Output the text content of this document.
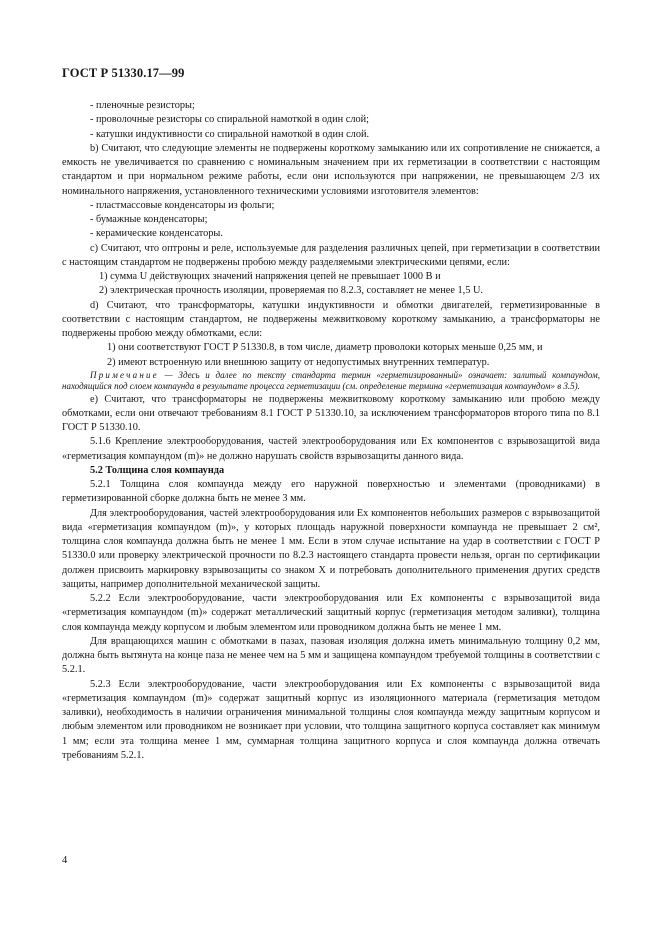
ГОСТ Р 51330.17—99

- пленочные резисторы;

- проволочные резисторы со спиральной намоткой в один слой;

- катушки индуктивности со спиральной намоткой в один слой.

b) Считают, что следующие элементы не подвержены короткому замыканию или их сопротивление не снижается, а емкость не увеличивается по сравнению с номинальным значением при их герметизации в соответствии с настоящим стандартом и при нормальном режиме работы, если они используются при напряжении, не превышающем 2/3 их номинального напряжения, установленного техническими условиями изготовителя элементов:

- пластмассовые конденсаторы из фольги;

- бумажные конденсаторы;

- керамические конденсаторы.

c) Считают, что оптроны и реле, используемые для разделения различных цепей, при герметизации в соответствии с настоящим стандартом не подвержены пробою между разделяемыми электрическими цепями, если:

1) сумма U действующих значений напряжения цепей не превышает 1000 В и

2) электрическая прочность изоляции, проверяемая по 8.2.3, составляет не менее 1,5 U.

d) Считают, что трансформаторы, катушки индуктивности и обмотки двигателей, герметизированные в соответствии с настоящим стандартом, не подвержены межвитковому короткому замыканию, а трансформаторы не подвержены пробою между обмотками, если:

1) они соответствуют ГОСТ Р 51330.8, в том числе, диаметр проволоки которых меньше 0,25 мм, и

2) имеют встроенную или внешнюю защиту от недопустимых внутренних температур.

Примечание — Здесь и далее по тексту стандарта термин «герметизированный» означает: залитый компаундом, находящийся под слоем компаунда в результате процесса герметизации (см. определение термина «герметизация компаундом» в 3.5).

e) Считают, что трансформаторы не подвержены межвитковому короткому замыканию или пробою между обмотками, если они отвечают требованиям 8.1 ГОСТ Р 51330.10, за исключением трансформаторов второго типа по 8.1 ГОСТ Р 51330.10.

5.1.6 Крепление электрооборудования, частей электрооборудования или Ex компонентов с взрывозащитой вида «герметизация компаундом (m)» не должно нарушать свойств взрывозащиты данного вида.

5.2 Толщина слоя компаунда

5.2.1 Толщина слоя компаунда между его наружной поверхностью и элементами (проводниками) в герметизированной сборке должна быть не менее 3 мм.

Для электрооборудования, частей электрооборудования или Ex компонентов небольших размеров с взрывозащитой вида «герметизация компаундом (m)», у которых площадь наружной поверхности компаунда не превышает 2 см², толщина слоя компаунда должна быть не менее 1 мм. Если в этом случае испытание на удар в соответствии с ГОСТ Р 51330.0 или проверку электрической прочности по 8.2.3 настоящего стандарта провести нельзя, орган по сертификации должен присвоить маркировку взрывозащиты со знаком X и потребовать дополнительного применения других средств защиты, например дополнительной механической защиты.

5.2.2 Если электрооборудование, части электрооборудования или Ex компоненты с взрывозащитой вида «герметизация компаундом (m)» содержат металлический защитный корпус (герметизация методом заливки), толщина слоя компаунда между корпусом и любым элементом или проводником должна быть не менее 1 мм.

Для вращающихся машин с обмотками в пазах, пазовая изоляция должна иметь минимальную толщину 0,2 мм, должна быть вытянута на конце паза не менее чем на 5 мм и защищена компаундом требуемой толщины в соответствии с 5.2.1.

5.2.3 Если электрооборудование, части электрооборудования или Ex компоненты с взрывозащитой вида «герметизация компаундом (m)» содержат защитный корпус из изоляционного материала (герметизация методом заливки), необходимость в наличии ограничения минимальной толщины слоя компаунда между защитным корпусом и любым элементом или проводником не возникает при условии, что толщина защитного корпуса составляет как минимум 1 мм; если эта толщина менее 1 мм, суммарная толщина защитного корпуса и слоя компаунда должна отвечать требованиям 5.2.1.

4
